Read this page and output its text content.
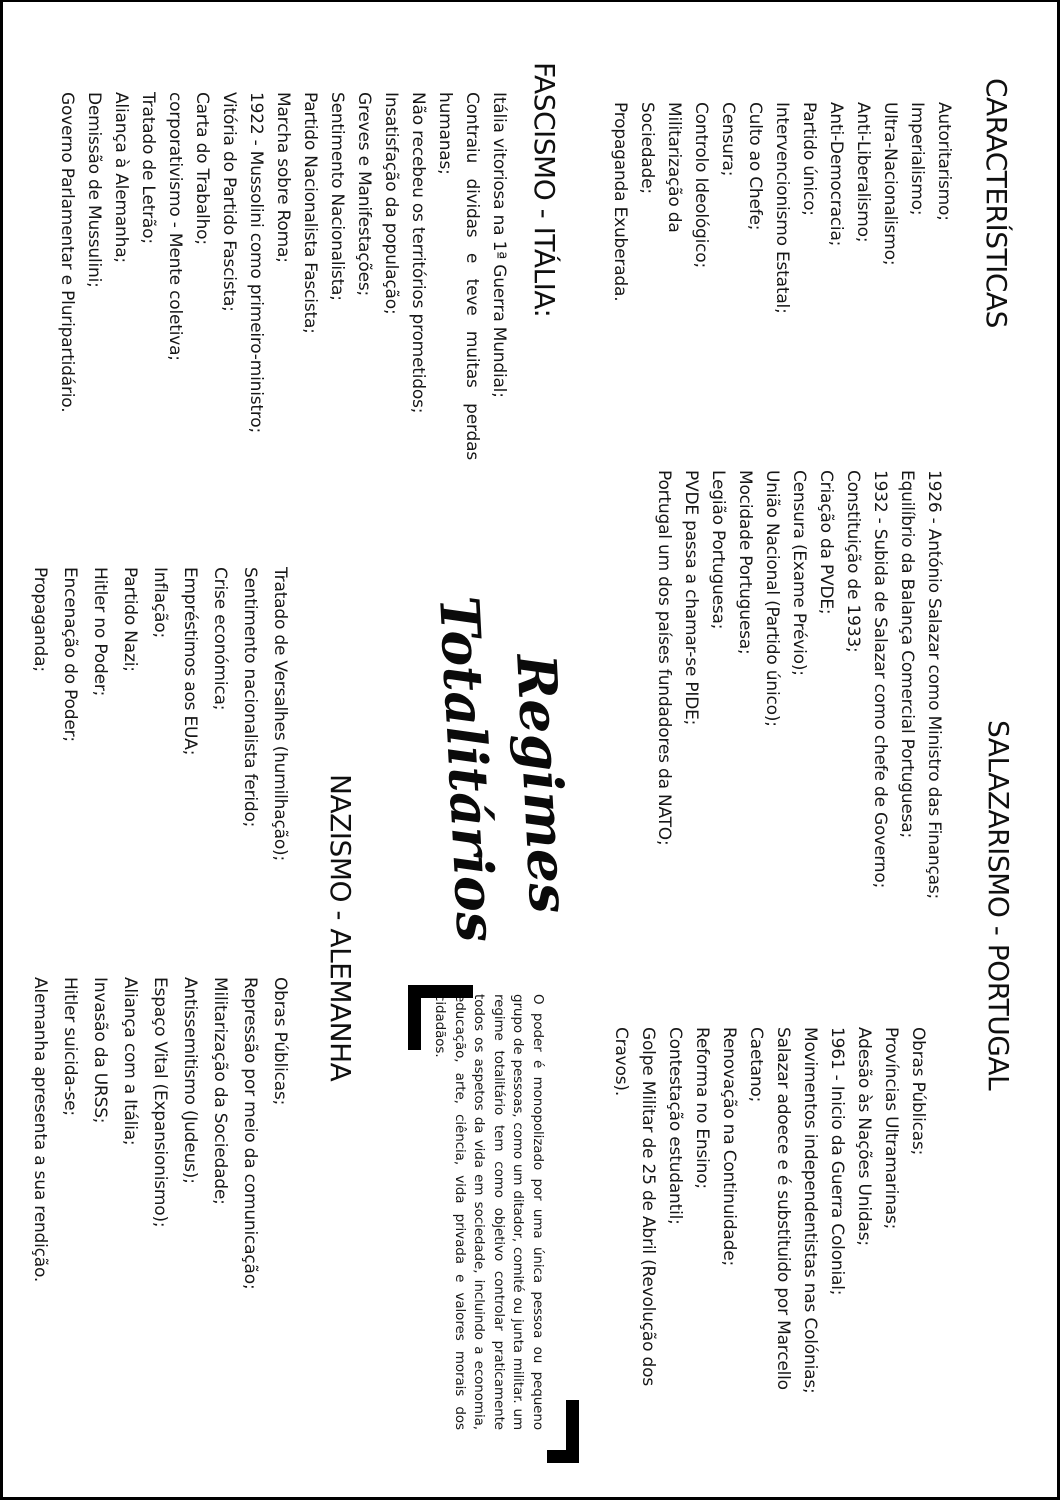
CARACTERÍSTICAS
Autoritarismo;
Imperialismo;
Ultra-Nacionalismo;
Anti-Liberalismo;
Anti-Democracia;
Partido único;
Intervencionismo Estatal;
Culto ao Chefe;
Censura;
Controlo Ideológico;
Militarização da Sociedade;
Propaganda Exuberada.
FASCISMO - ITÁLIA:
Itália vitoriosa na 1ª Guerra Mundial;
Contraiu dividas e teve muitas perdas humanas;
Não recebeu os territórios prometidos;
Insatisfação da população;
Greves e Manifestações;
Sentimento Nacionalista;
Partido Nacionalista Fascista;
Marcha sobre Roma;
1922 - Mussolini como primeiro-ministro;
Vitória do Partido Fascista;
Carta do Trabalho;
corporativismo - Mente coletiva;
Tratado de Letrão;
Aliança à Alemanha;
Demissão de Mussulini;
Governo Parlamentar e Pluripartidário.
SALAZARISMO - PORTUGAL
1926 - António Salazar como Ministro das Finanças;
Equilíbrio da Balança Comercial Portuguesa;
1932 - Subida de Salazar como chefe de Governo;
Constituição de 1933;
Criação da PVDE;
Censura (Exame Prévio);
União Nacional (Partido único);
Mocidade Portuguesa;
Legião Portuguesa;
PVDE passa a chamar-se PIDE;
Portugal um dos países fundadores da NATO;
Obras Públicas;
Províncias Ultramarinas;
Adesão às Nações Unidas;
1961 - Inicio da Guerra Colonial;
Movimentos independentistas nas Colónias;
Salazar adoece e é substituido por Marcello Caetano;
Renovação na Continuidade;
Reforma no Ensino;
Contestação estudantil;
Golpe Militar de 25 de Abril (Revolução dos Cravos).
Regimes
Totalitários
O poder é monopolizado por uma única pessoa ou pequeno grupo de pessoas, como um ditador, comité ou junta militar. um regime totalitário tem como objetivo controlar praticamente todos os aspetos da vida em sociedade, incluindo a economia, educação, arte, ciência, vida privada e valores morais dos cidadãos.
NAZISMO - ALEMANHA
Tratado de Versalhes (humilhação);
Sentimento nacionalista ferido;
Crise económica;
Empréstimos aos EUA;
Inflação;
Partido Nazi;
Hitler no Poder;
Encenação do Poder;
Propaganda;
Obras Públicas;
Repressão por meio da comunicação;
Militarização da Sociedade;
Antissemitismo (Judeus);
Espaço Vital (Expansionismo);
Aliança com a Itália;
Invasão da URSS;
Hitler suicida-se;
Alemanha apresenta a sua rendição.
